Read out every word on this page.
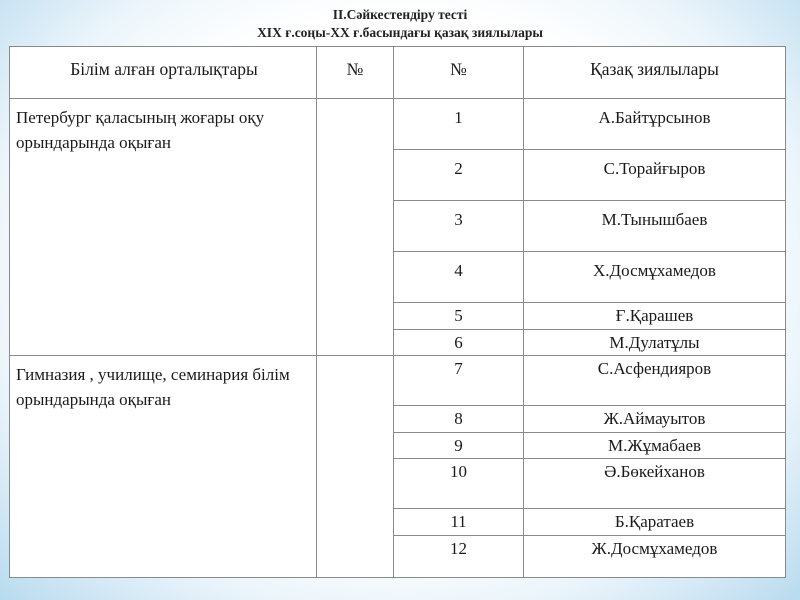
II.Сәйкестендіру тесті
XIX ғ.соңы-XX ғ.басындағы қазақ зиялылары
Білім алған орталықтары	№	№	Қазақ зиялылары
Петербург қаласының жоғары оқу орындарында оқыған		1	А.Байтұрсынов
		2	С.Торайғыров
		3	М.Тынышбаев
		4	Х.Досмұхамедов
		5	Ғ.Қарашев
		6	М.Дулатұлы
Гимназия , училище, семинария білім орындарында оқыған		7	С.Асфендияров
		8	Ж.Аймауытов
		9	М.Жұмабаев
		10	Ә.Бөкейханов
		11	Б.Қаратаев
		12	Ж.Досмұхамедов
